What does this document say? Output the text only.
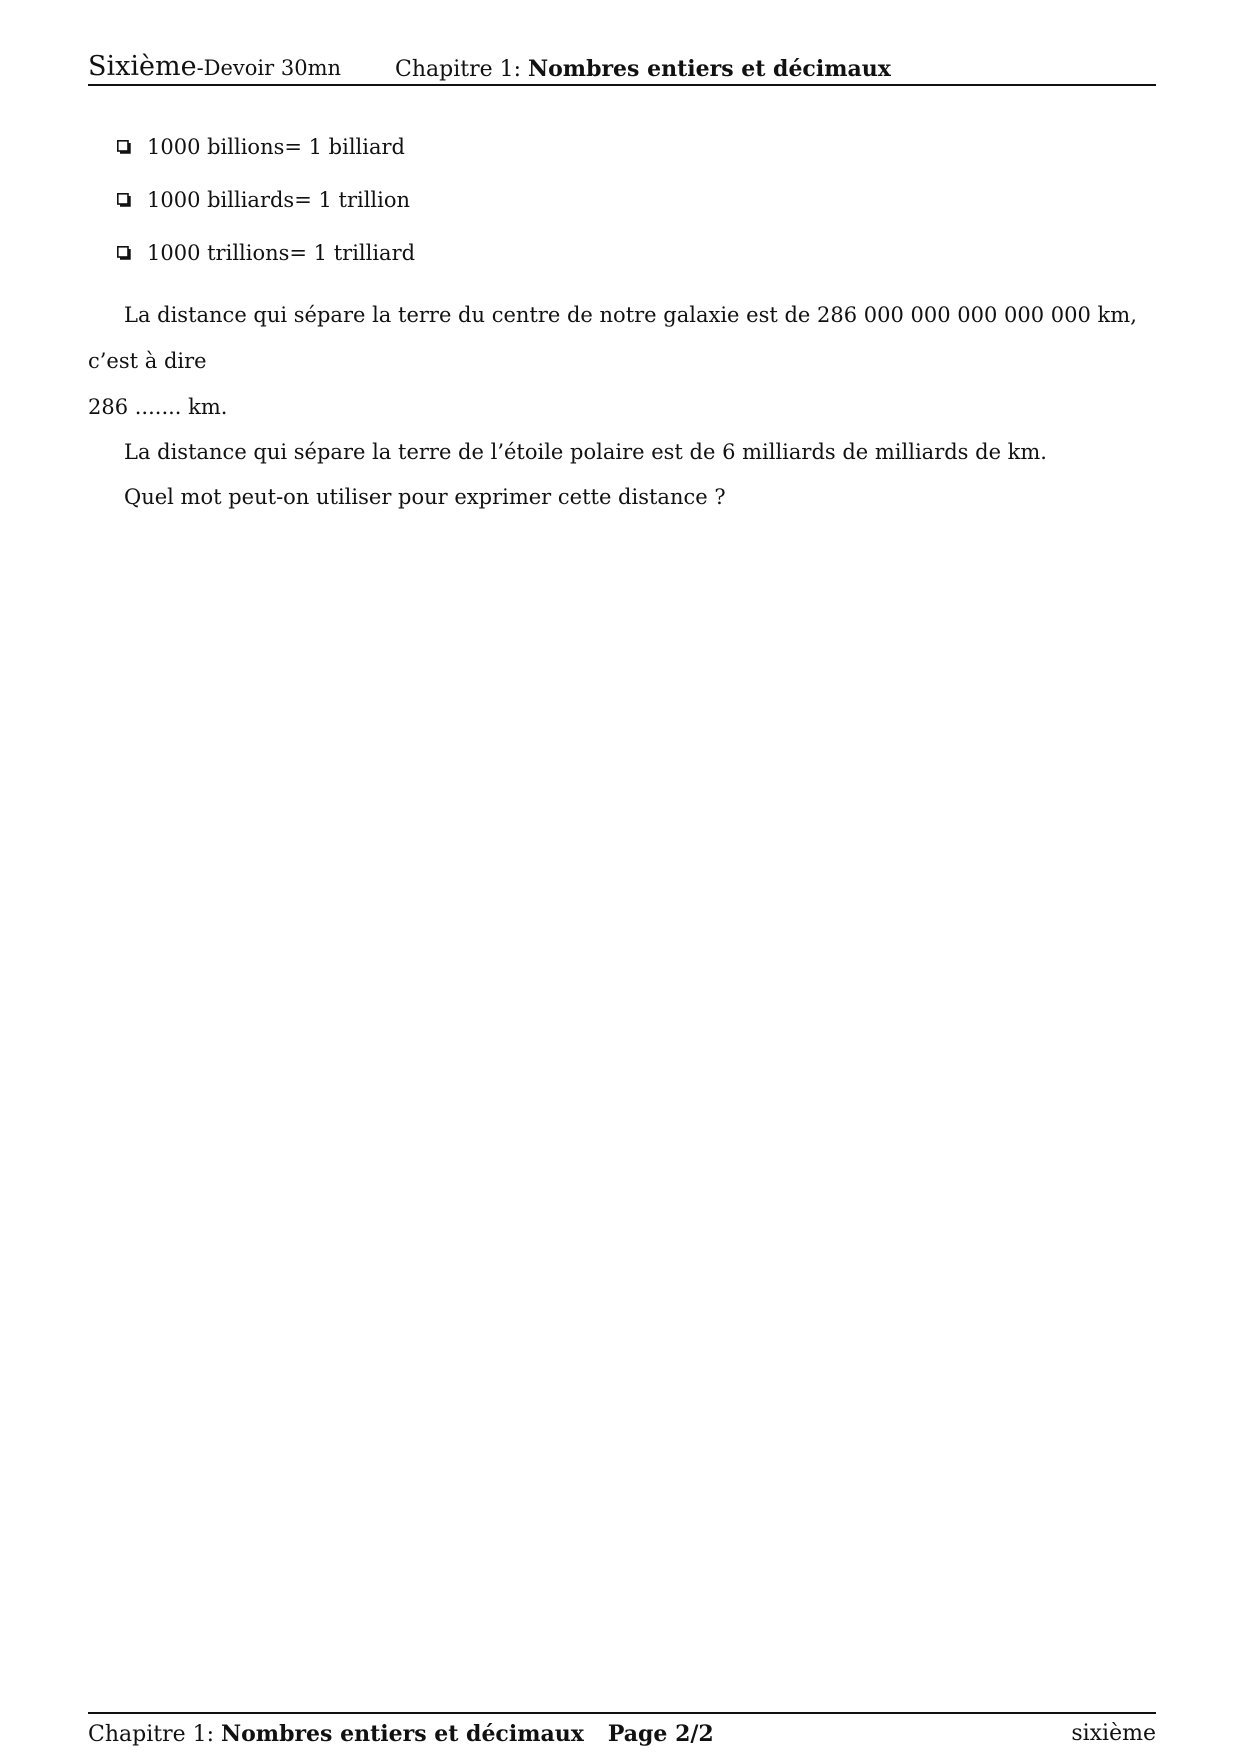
Sixième-Devoir 30mn Chapitre 1: Nombres entiers et décimaux
1000 billions= 1 billiard
1000 billiards= 1 trillion
1000 trillions= 1 trilliard

La distance qui sépare la terre du centre de notre galaxie est de 286 000 000 000 000 000 km, c’est à dire
286 ....... km.

La distance qui sépare la terre de l’étoile polaire est de 6 milliards de milliards de km.

Quel mot peut-on utiliser pour exprimer cette distance ?

Chapitre 1: Nombres entiers et décimaux Page 2/2	sixième
